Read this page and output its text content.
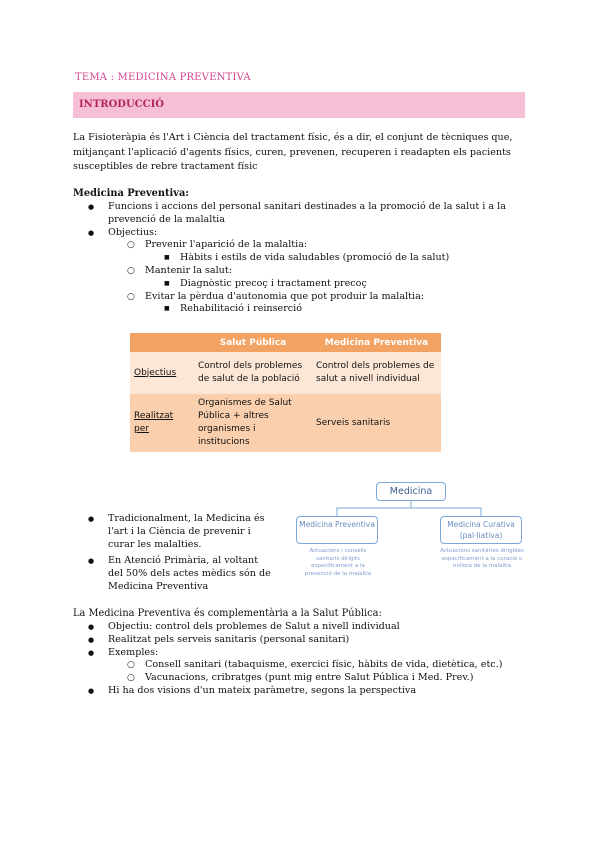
TEMA : MEDICINA PREVENTIVA
INTRODUCCIÓ

La Fisioteràpia és l'Art i Ciència del tractament físic, és a dir, el conjunt de tècniques que, mitjançant l'aplicació d'agents físics, curen, prevenen, recuperen i readapten els pacients susceptibles de rebre tractament físic

Medicina Preventiva:
● Funcions i accions del personal sanitari destinades a la promoció de la salut i a la prevenció de la malaltia
● Objectius:
○ Prevenir l'aparició de la malaltia:
■ Hàbits i estils de vida saludables (promoció de la salut)
○ Mantenir la salut:
■ Diagnòstic precoç i tractament precoç
○ Evitar la pèrdua d'autonomia que pot produir la malaltia:
■ Rehabilitació i reinserció
	Salut Pública	Medicina Preventiva
Objectius	Control dels problemes de salut de la població	Control dels problemes de salut a nivell individual
Realitzat per	Organismes de Salut Pública + altres organismes i institucions	Serveis sanitaris
● Tradicionalment, la Medicina és l'art i la Ciència de prevenir i curar les malalties.
● En Atenció Primària, al voltant del 50% dels actes mèdics són de Medicina Preventiva
Medicina
Medicina Preventiva	Medicina Curativa (pal·liativa)
Actuacions i consells sanitaris dirigits específicament a la prevenció de la malaltia
Actuacions sanitàries dirigides específicament a la curació o millora de la malaltia
La Medicina Preventiva és complementària a la Salut Pública:
● Objectiu: control dels problemes de Salut a nivell individual
● Realitzat pels serveis sanitaris (personal sanitari)
● Exemples:
○ Consell sanitari (tabaquisme, exercici físic, hàbits de vida, dietètica, etc.)
○ Vacunacions, cribratges (punt mig entre Salut Pública i Med. Prev.)
● Hi ha dos visions d'un mateix paràmetre, segons la perspectiva
